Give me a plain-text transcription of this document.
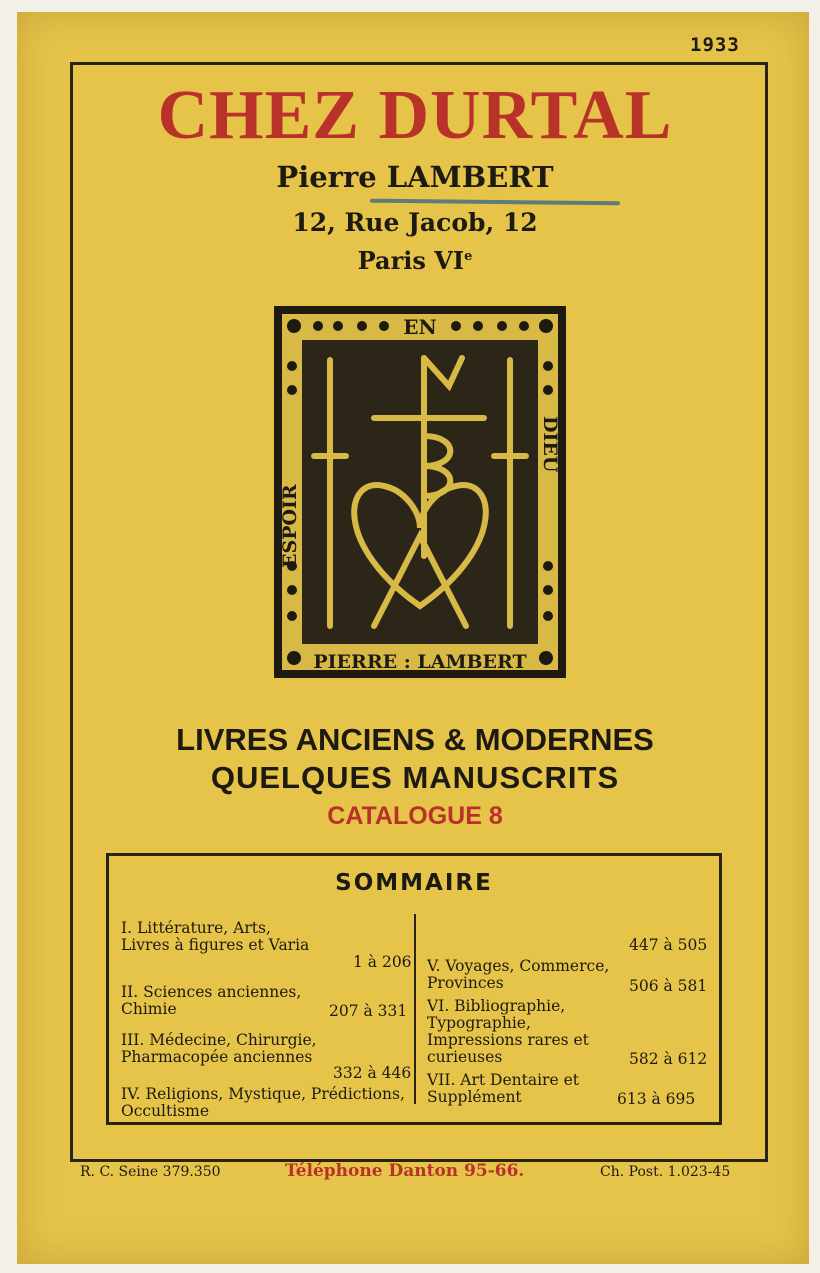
1933
CHEZ DURTAL
Pierre LAMBERT
12, Rue Jacob, 12
Paris VIe
EN
ESPOIR
DIEU
PIERRE : LAMBERT
LIVRES ANCIENS & MODERNES
QUELQUES MANUSCRITS
CATALOGUE 8
SOMMAIRE
I. Littérature, Arts, Livres à figures et Varia
1 à 206
II. Sciences anciennes, Chimie	207 à 331
III. Médecine, Chirurgie, Pharmacopée anciennes
332 à 446
IV. Religions, Mystique, Prédictions, Occultisme
447 à 505
V. Voyages, Commerce, Provinces	506 à 581
VI. Bibliographie, Typographie, Impressions rares et curieuses	582 à 612
VII. Art Dentaire et Supplément	613 à 695
R. C. Seine 379.350	Téléphone Danton 95-66.	Ch. Post. 1.023-45
